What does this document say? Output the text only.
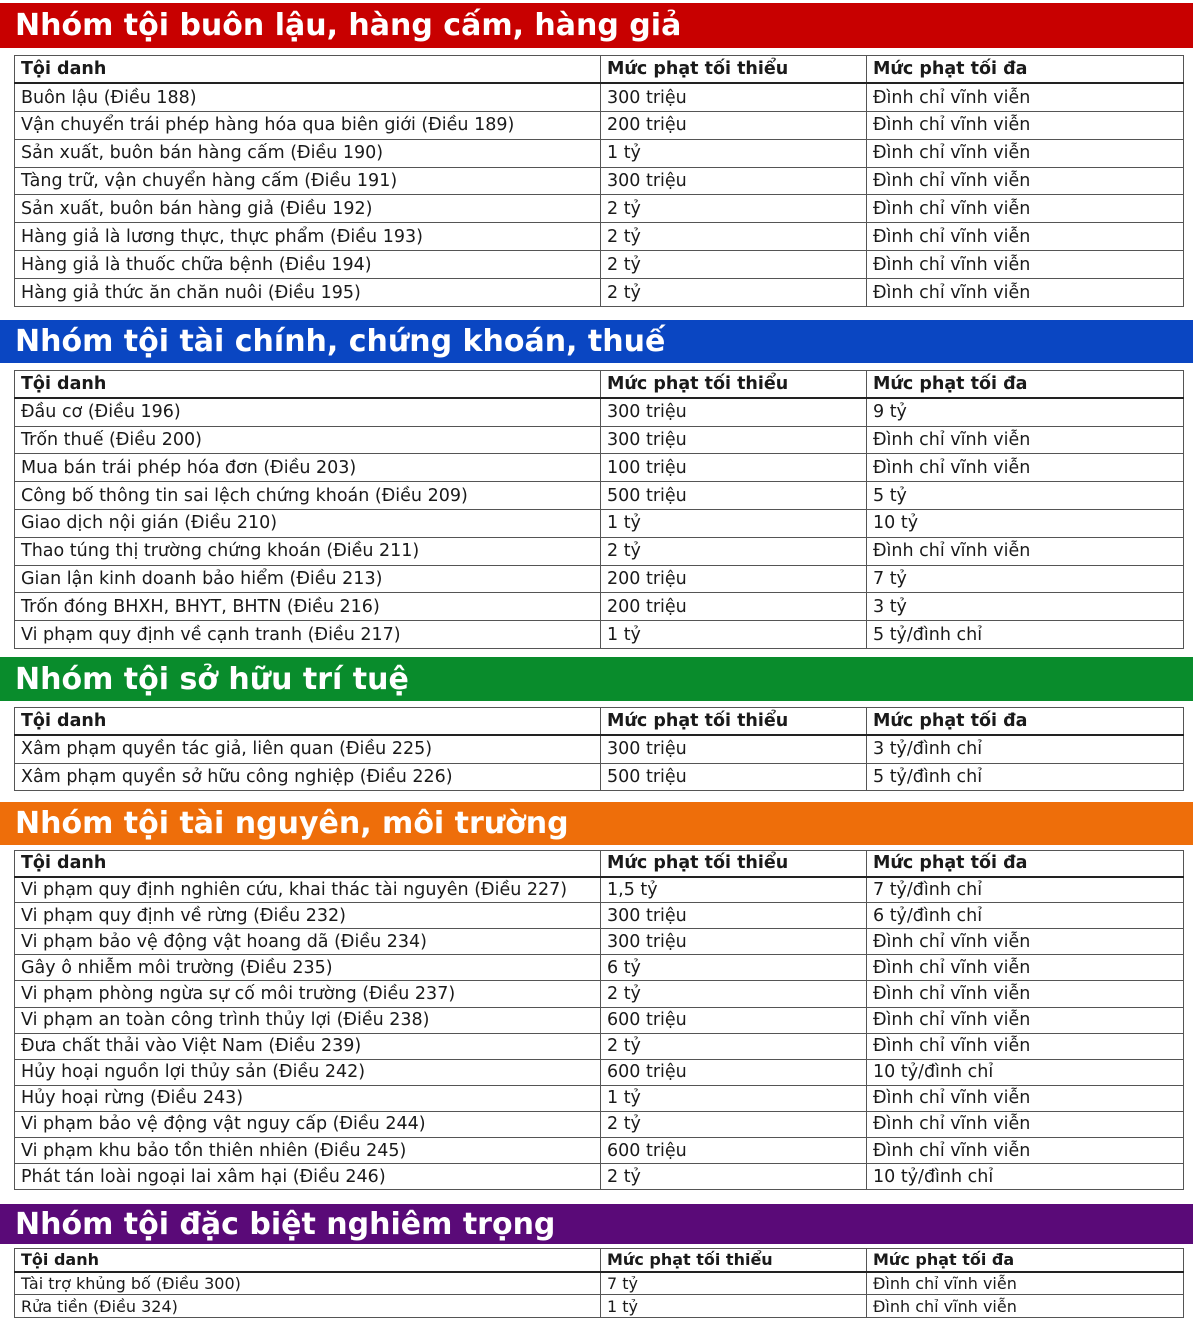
Nhóm tội buôn lậu, hàng cấm, hàng giả
Tội danh	Mức phạt tối thiểu	Mức phạt tối đa
Buôn lậu (Điều 188)	300 triệu	Đình chỉ vĩnh viễn
Vận chuyển trái phép hàng hóa qua biên giới (Điều 189)	200 triệu	Đình chỉ vĩnh viễn
Sản xuất, buôn bán hàng cấm (Điều 190)	1 tỷ	Đình chỉ vĩnh viễn
Tàng trữ, vận chuyển hàng cấm (Điều 191)	300 triệu	Đình chỉ vĩnh viễn
Sản xuất, buôn bán hàng giả (Điều 192)	2 tỷ	Đình chỉ vĩnh viễn
Hàng giả là lương thực, thực phẩm (Điều 193)	2 tỷ	Đình chỉ vĩnh viễn
Hàng giả là thuốc chữa bệnh (Điều 194)	2 tỷ	Đình chỉ vĩnh viễn
Hàng giả thức ăn chăn nuôi (Điều 195)	2 tỷ	Đình chỉ vĩnh viễn
Nhóm tội tài chính, chứng khoán, thuế
Tội danh	Mức phạt tối thiểu	Mức phạt tối đa
Đầu cơ (Điều 196)	300 triệu	9 tỷ
Trốn thuế (Điều 200)	300 triệu	Đình chỉ vĩnh viễn
Mua bán trái phép hóa đơn (Điều 203)	100 triệu	Đình chỉ vĩnh viễn
Công bố thông tin sai lệch chứng khoán (Điều 209)	500 triệu	5 tỷ
Giao dịch nội gián (Điều 210)	1 tỷ	10 tỷ
Thao túng thị trường chứng khoán (Điều 211)	2 tỷ	Đình chỉ vĩnh viễn
Gian lận kinh doanh bảo hiểm (Điều 213)	200 triệu	7 tỷ
Trốn đóng BHXH, BHYT, BHTN (Điều 216)	200 triệu	3 tỷ
Vi phạm quy định về cạnh tranh (Điều 217)	1 tỷ	5 tỷ/đình chỉ
Nhóm tội sở hữu trí tuệ
Tội danh	Mức phạt tối thiểu	Mức phạt tối đa
Xâm phạm quyền tác giả, liên quan (Điều 225)	300 triệu	3 tỷ/đình chỉ
Xâm phạm quyền sở hữu công nghiệp (Điều 226)	500 triệu	5 tỷ/đình chỉ
Nhóm tội tài nguyên, môi trường
Tội danh	Mức phạt tối thiểu	Mức phạt tối đa
Vi phạm quy định nghiên cứu, khai thác tài nguyên (Điều 227)	1,5 tỷ	7 tỷ/đình chỉ
Vi phạm quy định về rừng (Điều 232)	300 triệu	6 tỷ/đình chỉ
Vi phạm bảo vệ động vật hoang dã (Điều 234)	300 triệu	Đình chỉ vĩnh viễn
Gây ô nhiễm môi trường (Điều 235)	6 tỷ	Đình chỉ vĩnh viễn
Vi phạm phòng ngừa sự cố môi trường (Điều 237)	2 tỷ	Đình chỉ vĩnh viễn
Vi phạm an toàn công trình thủy lợi (Điều 238)	600 triệu	Đình chỉ vĩnh viễn
Đưa chất thải vào Việt Nam (Điều 239)	2 tỷ	Đình chỉ vĩnh viễn
Hủy hoại nguồn lợi thủy sản (Điều 242)	600 triệu	10 tỷ/đình chỉ
Hủy hoại rừng (Điều 243)	1 tỷ	Đình chỉ vĩnh viễn
Vi phạm bảo vệ động vật nguy cấp (Điều 244)	2 tỷ	Đình chỉ vĩnh viễn
Vi phạm khu bảo tồn thiên nhiên (Điều 245)	600 triệu	Đình chỉ vĩnh viễn
Phát tán loài ngoại lai xâm hại (Điều 246)	2 tỷ	10 tỷ/đình chỉ
Nhóm tội đặc biệt nghiêm trọng
Tội danh	Mức phạt tối thiểu	Mức phạt tối đa
Tài trợ khủng bố (Điều 300)	7 tỷ	Đình chỉ vĩnh viễn
Rửa tiền (Điều 324)	1 tỷ	Đình chỉ vĩnh viễn
